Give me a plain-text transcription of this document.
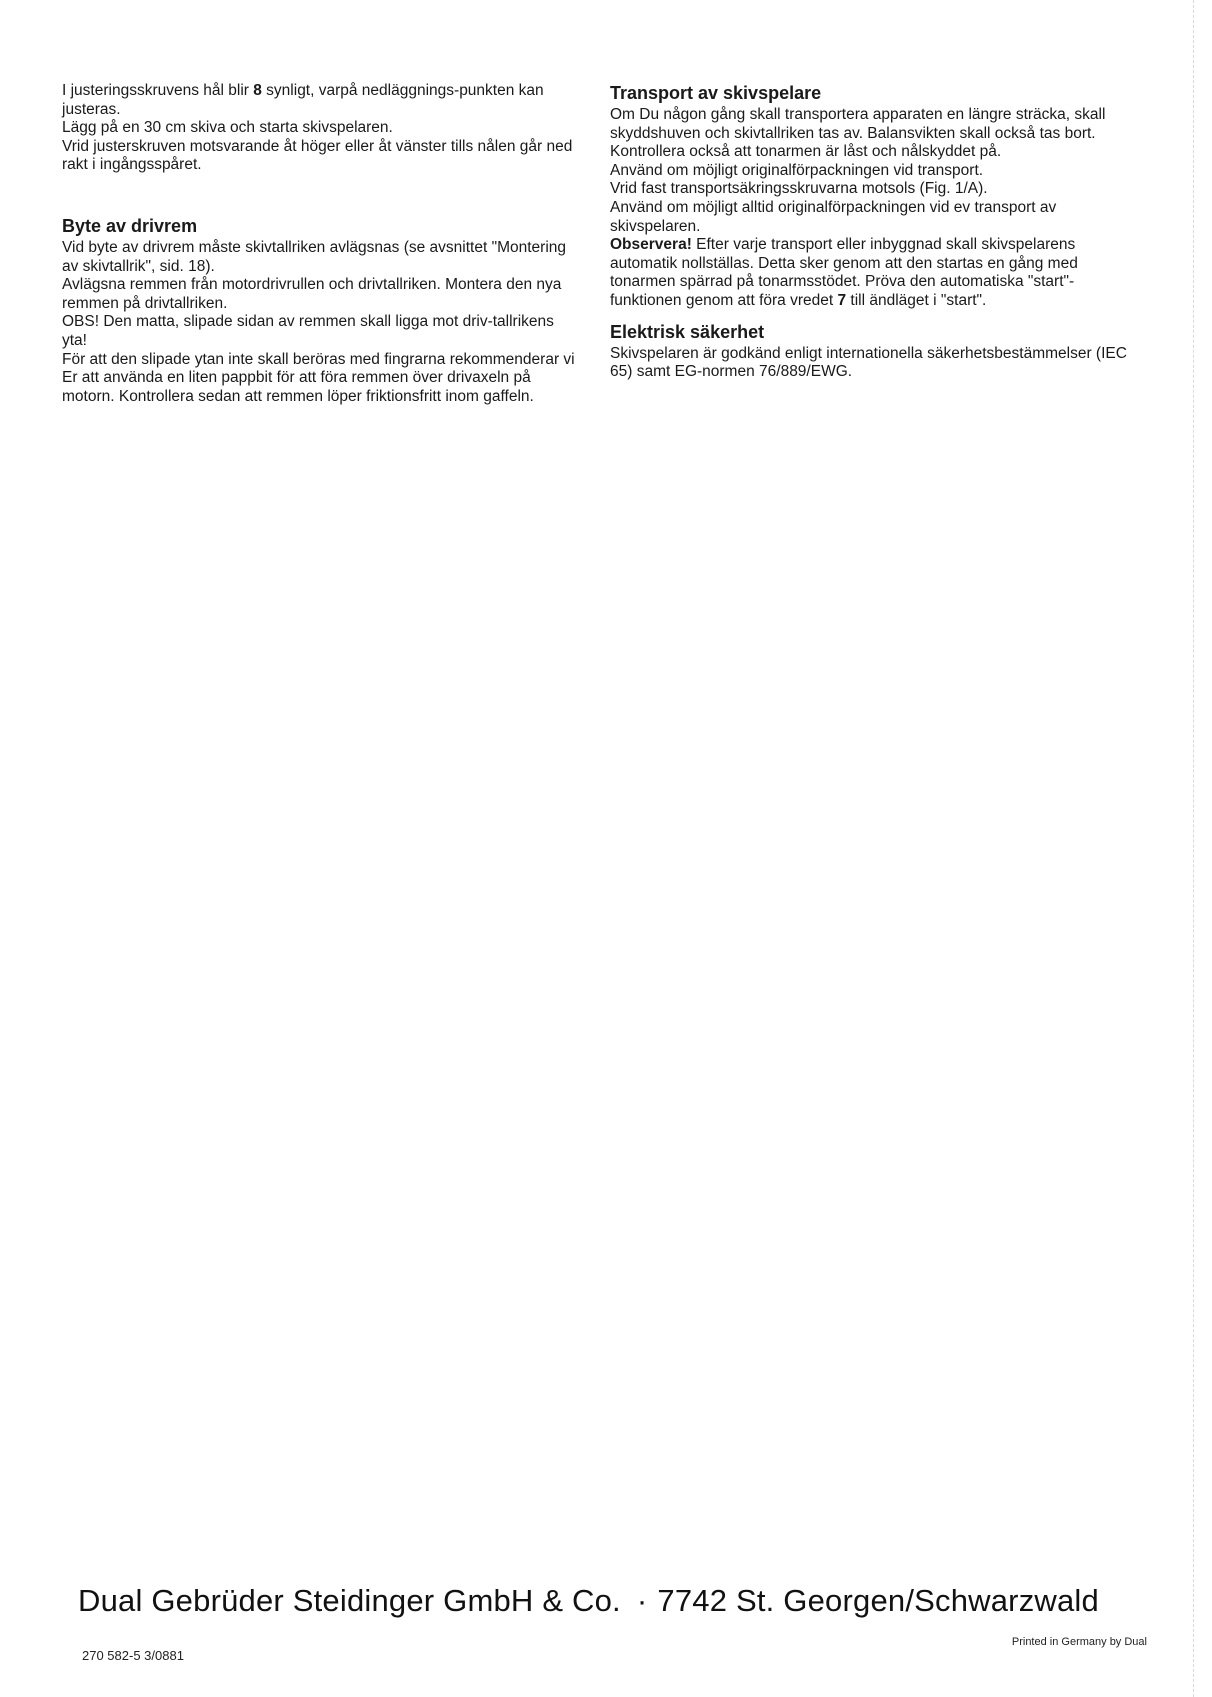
I justeringsskruvens hål blir 8 synligt, varpå nedläggnings-punkten kan justeras.

Lägg på en 30 cm skiva och starta skivspelaren.

Vrid justerskruven motsvarande åt höger eller åt vänster tills nålen går ned rakt i ingångsspåret.

Byte av drivrem

Vid byte av drivrem måste skivtallriken avlägsnas (se avsnittet "Montering av skivtallrik", sid. 18).

Avlägsna remmen från motordrivrullen och drivtallriken. Montera den nya remmen på drivtallriken.

OBS! Den matta, slipade sidan av remmen skall ligga mot driv-tallrikens yta!

För att den slipade ytan inte skall beröras med fingrarna rekommenderar vi Er att använda en liten pappbit för att föra remmen över drivaxeln på motorn. Kontrollera sedan att remmen löper friktionsfritt inom gaffeln.

Transport av skivspelare

Om Du någon gång skall transportera apparaten en längre sträcka, skall skyddshuven och skivtallriken tas av. Balansvikten skall också tas bort.

Kontrollera också att tonarmen är låst och nålskyddet på.

Använd om möjligt originalförpackningen vid transport.

Vrid fast transportsäkringsskruvarna motsols (Fig. 1/A).

Använd om möjligt alltid originalförpackningen vid ev transport av skivspelaren.

Observera! Efter varje transport eller inbyggnad skall skivspelarens automatik nollställas. Detta sker genom att den startas en gång med tonarmen spärrad på tonarmsstödet. Pröva den automatiska "start"-funktionen genom att föra vredet 7 till ändläget i "start".

Elektrisk säkerhet

Skivspelaren är godkänd enligt internationella säkerhetsbestämmelser (IEC 65) samt EG-normen 76/889/EWG.

Dual Gebrüder Steidinger GmbH & Co. · 7742 St. Georgen/Schwarzwald
Printed in Germany by Dual
270 582-5 3/0881
